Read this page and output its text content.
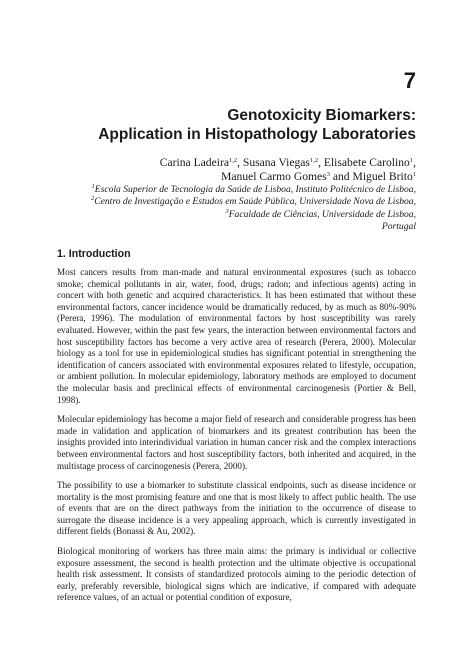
7
Genotoxicity Biomarkers:
Application in Histopathology Laboratories
Carina Ladeira$^{1,2}$, Susana Viegas$^{1,2}$, Elisabete Carolino$^1$,
Manuel Carmo Gomes$^3$ and Miguel Brito$^1$
$^1$Escola Superior de Tecnologia da Saúde de Lisboa, Instituto Politécnico de Lisboa,
$^2$Centro de Investigação e Estudos em Saúde Pública, Universidade Nova de Lisboa,
$^3$Faculdade de Ciências, Universidade de Lisboa,
Portugal
1. Introduction

Most cancers results from man-made and natural environmental exposures (such as tobacco smoke; chemical pollutants in air, water, food, drugs; radon; and infectious agents) acting in concert with both genetic and acquired characteristics. It has been estimated that without these environmental factors, cancer incidence would be dramatically reduced, by as much as 80%-90% (Perera, 1996). The modulation of environmental factors by host susceptibility was rarely evaluated. However, within the past few years, the interaction between environmental factors and host susceptibility factors has become a very active area of research (Perera, 2000). Molecular biology as a tool for use in epidemiological studies has significant potential in strengthening the identification of cancers associated with environmental exposures related to lifestyle, occupation, or ambient pollution. In molecular epidemiology, laboratory methods are employed to document the molecular basis and preclinical effects of environmental carcinogenesis (Portier & Bell, 1998).

Molecular epidemiology has become a major field of research and considerable progress has been made in validation and application of biomarkers and its greatest contribution has been the insights provided into interindividual variation in human cancer risk and the complex interactions between environmental factors and host susceptibility factors, both inherited and acquired, in the multistage process of carcinogenesis (Perera, 2000).

The possibility to use a biomarker to substitute classical endpoints, such as disease incidence or mortality is the most promising feature and one that is most likely to affect public health. The use of events that are on the direct pathways from the initiation to the occurrence of disease to surrogate the disease incidence is a very appealing approach, which is currently investigated in different fields (Bonassi & Au, 2002).

Biological monitoring of workers has three main aims: the primary is individual or collective exposure assessment, the second is health protection and the ultimate objective is occupational health risk assessment. It consists of standardized protocols aiming to the periodic detection of early, preferably reversible, biological signs which are indicative, if compared with adequate reference values, of an actual or potential condition of exposure,
